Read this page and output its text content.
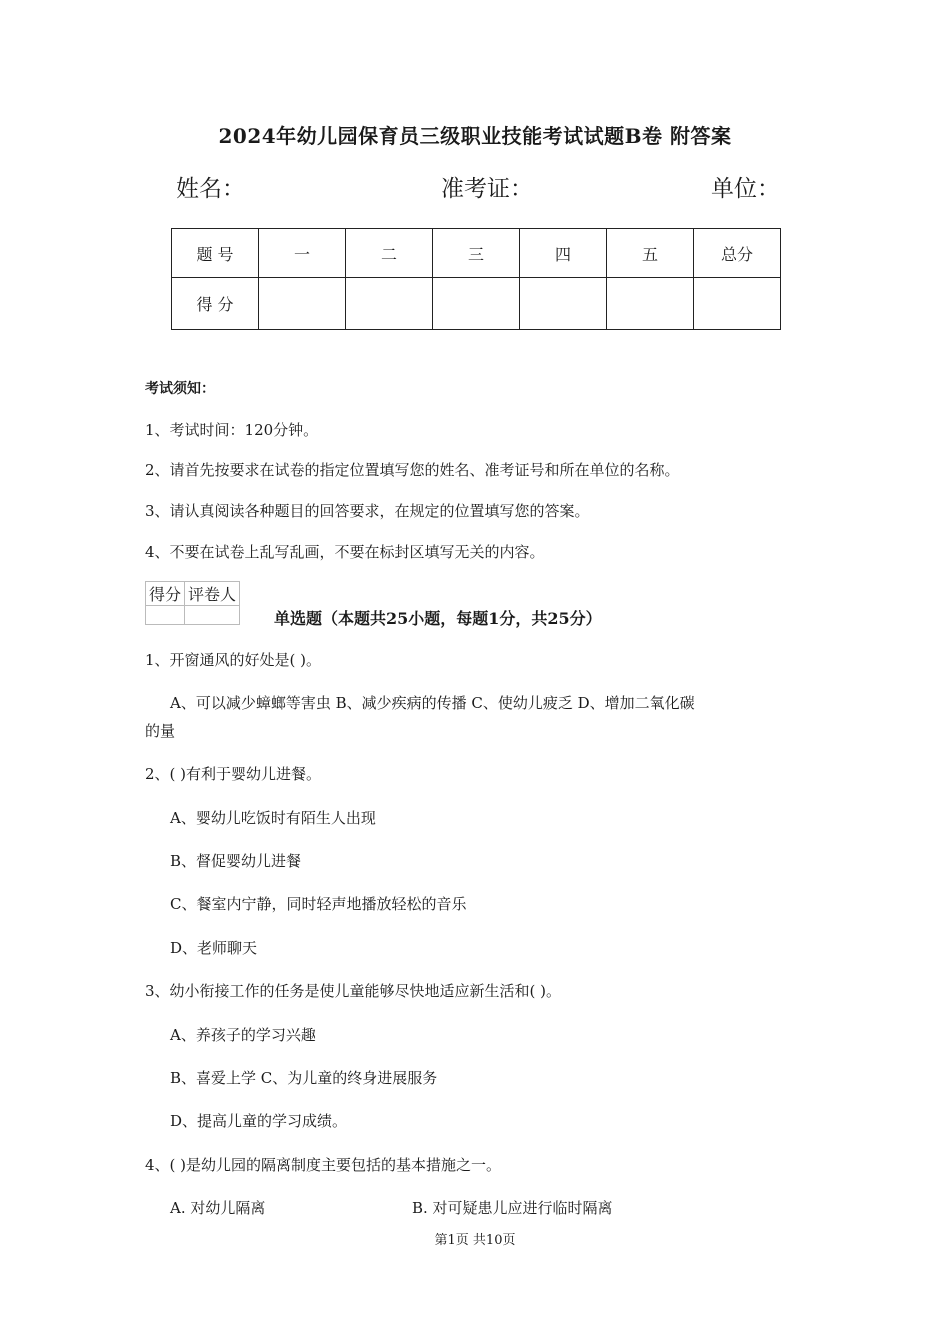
2024年幼儿园保育员三级职业技能考试试题B卷 附答案
姓名：	准考证：	单位：
题 号	一	二	三	四	五	总分
得 分						
考试须知：
1、考试时间：120分钟。
2、请首先按要求在试卷的指定位置填写您的姓名、准考证号和所在单位的名称。
3、请认真阅读各种题目的回答要求，在规定的位置填写您的答案。
4、不要在试卷上乱写乱画，不要在标封区填写无关的内容。
得分	评卷人

单选题（本题共25小题，每题1分，共25分）
1、开窗通风的好处是( )。
A、可以减少蟑螂等害虫 B、减少疾病的传播 C、使幼儿疲乏 D、增加二氧化碳
的量
2、( )有利于婴幼儿进餐。
A、婴幼儿吃饭时有陌生人出现
B、督促婴幼儿进餐
C、餐室内宁静，同时轻声地播放轻松的音乐
D、老师聊天
3、幼小衔接工作的任务是使儿童能够尽快地适应新生活和( )。
A、养孩子的学习兴趣
B、喜爱上学 C、为儿童的终身进展服务
D、提高儿童的学习成绩。
4、( )是幼儿园的隔离制度主要包括的基本措施之一。
A. 对幼儿隔离	B. 对可疑患儿应进行临时隔离
第1页 共10页
